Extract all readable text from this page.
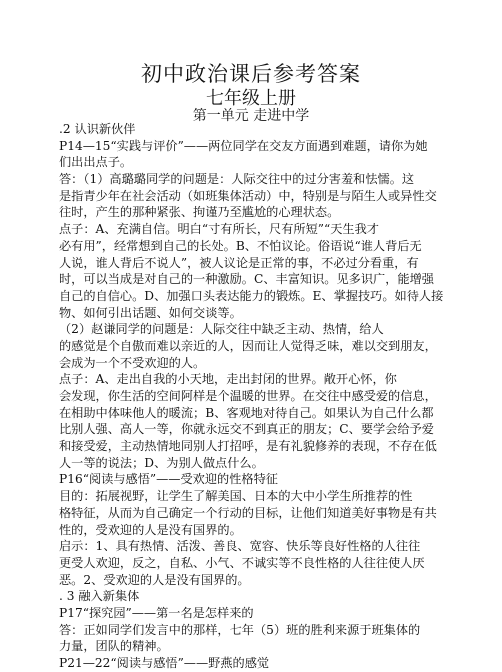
初中政治课后参考答案
七年级上册
第一单元 走进中学
.2 认识新伙伴
P14—15“实践与评价”——两位同学在交友方面遇到难题，请你为她
们出出点子。
答：（1）高璐璐同学的问题是：人际交往中的过分害羞和怯懦。这
是指青少年在社会活动（如班集体活动）中，特别是与陌生人或异性交
往时，产生的那种紧张、拘谨乃至尴尬的心理状态。
点子：A、充满自信。明白“寸有所长，尺有所短”“天生我才
必有用”，经常想到自己的长处。B、不怕议论。俗语说“谁人背后无
人说，谁人背后不说人”，被人议论是正常的事，不必过分看重，有
时，可以当成是对自己的一种激励。C、丰富知识。见多识广，能增强
自己的自信心。D、加强口头表达能力的锻炼。E、掌握技巧。如待人接
物、如何引出话题、如何交谈等。
（2）赵谦同学的问题是：人际交往中缺乏主动、热情，给人
的感觉是个自傲而难以亲近的人，因而让人觉得乏味，难以交到朋友，
会成为一个不受欢迎的人。
点子：A、走出自我的小天地，走出封闭的世界。敞开心怀，你
会发现，你生活的空间阿样是个温暖的世界。在交往中感受爱的信息，
在相助中体味他人的暖流；B、客观地对待自己。如果认为自己什么都
比别人强、高人一等，你就永远交不到真正的朋友；C、要学会给予爱
和接受爱，主动热情地同别人打招呼，是有礼貌修养的表现，不存在低
人一等的说法；D、为别人做点什么。
P16“阅读与感悟”——受欢迎的性格特征
目的：拓展视野，让学生了解美国、日本的大中小学生所推荐的性
格特征，从而为自己确定一个行动的目标，让他们知道美好事物是有共
性的，受欢迎的人是没有国界的。
启示：1、具有热情、活泼、善良、宽容、快乐等良好性格的人往往
更受人欢迎，反之，自私、小气、不诚实等不良性格的人往往使人厌
恶。2、受欢迎的人是没有国界的。
. 3 融入新集体
P17“探究园”——第一名是怎样来的
答：正如同学们发言中的那样，七年（5）班的胜利来源于班集体的
力量，团队的精神。
P21—22“阅读与感悟”——野燕的感觉
